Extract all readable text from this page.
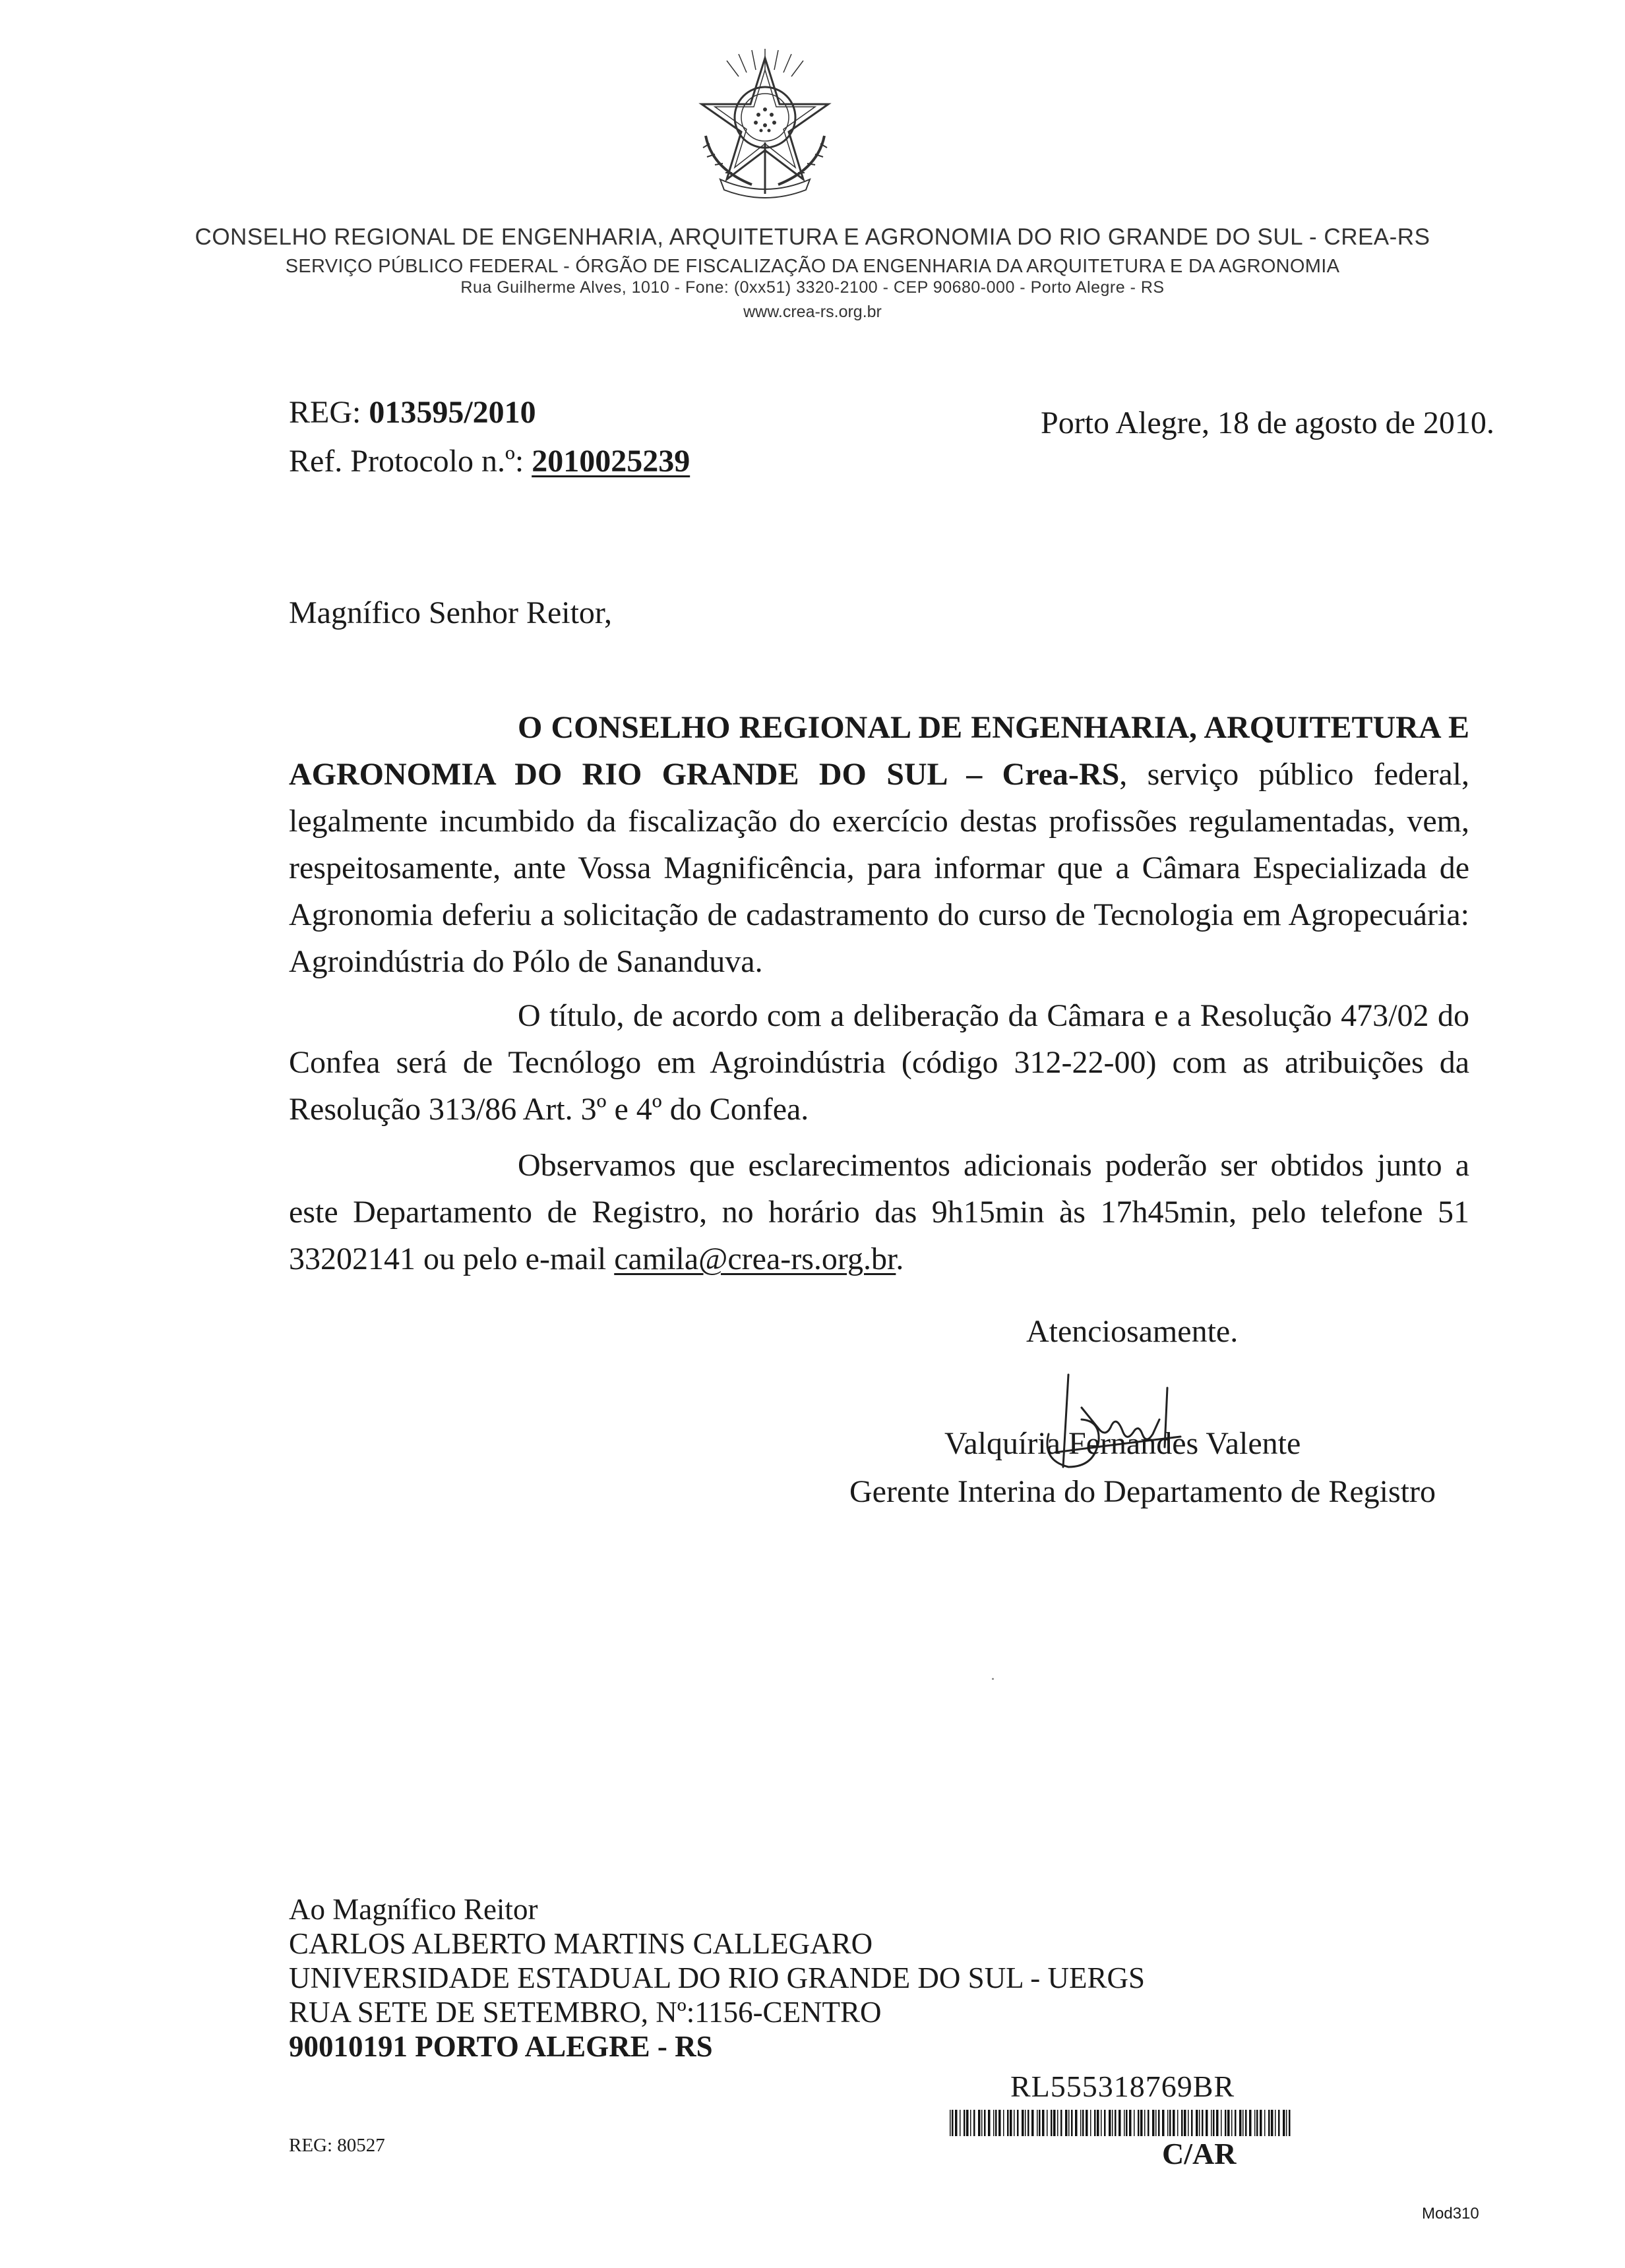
CONSELHO REGIONAL DE ENGENHARIA, ARQUITETURA E AGRONOMIA DO RIO GRANDE DO SUL - CREA-RS
SERVIÇO PÚBLICO FEDERAL - ÓRGÃO DE FISCALIZAÇÃO DA ENGENHARIA DA ARQUITETURA E DA AGRONOMIA
Rua Guilherme Alves, 1010 - Fone: (0xx51) 3320-2100 - CEP 90680-000 - Porto Alegre - RS
www.crea-rs.org.br
REG: 013595/2010
Ref. Protocolo n.º: 2010025239
Porto Alegre, 18 de agosto de 2010.
Magnífico Senhor Reitor,

O CONSELHO REGIONAL DE ENGENHARIA, ARQUITETURA E AGRONOMIA DO RIO GRANDE DO SUL – Crea-RS, serviço público federal, legalmente incumbido da fiscalização do exercício destas profissões regulamentadas, vem, respeitosamente, ante Vossa Magnificência, para informar que a Câmara Especializada de Agronomia deferiu a solicitação de cadastramento do curso de Tecnologia em Agropecuária: Agroindústria do Pólo de Sananduva.

O título, de acordo com a deliberação da Câmara e a Resolução 473/02 do Confea será de Tecnólogo em Agroindústria (código 312-22-00) com as atribuições da Resolução 313/86 Art. 3º e 4º do Confea.

Observamos que esclarecimentos adicionais poderão ser obtidos junto a este Departamento de Registro, no horário das 9h15min às 17h45min, pelo telefone 51 33202141 ou pelo e-mail camila@crea-rs.org.br.

Atenciosamente.
Valquíria Fernandes Valente
Gerente Interina do Departamento de Registro
Ao Magnífico Reitor
CARLOS ALBERTO MARTINS CALLEGARO
UNIVERSIDADE ESTADUAL DO RIO GRANDE DO SUL - UERGS
RUA SETE DE SETEMBRO, Nº:1156-CENTRO
90010191 PORTO ALEGRE - RS
REG: 80527
RL555318769BR
C/AR
Mod310
